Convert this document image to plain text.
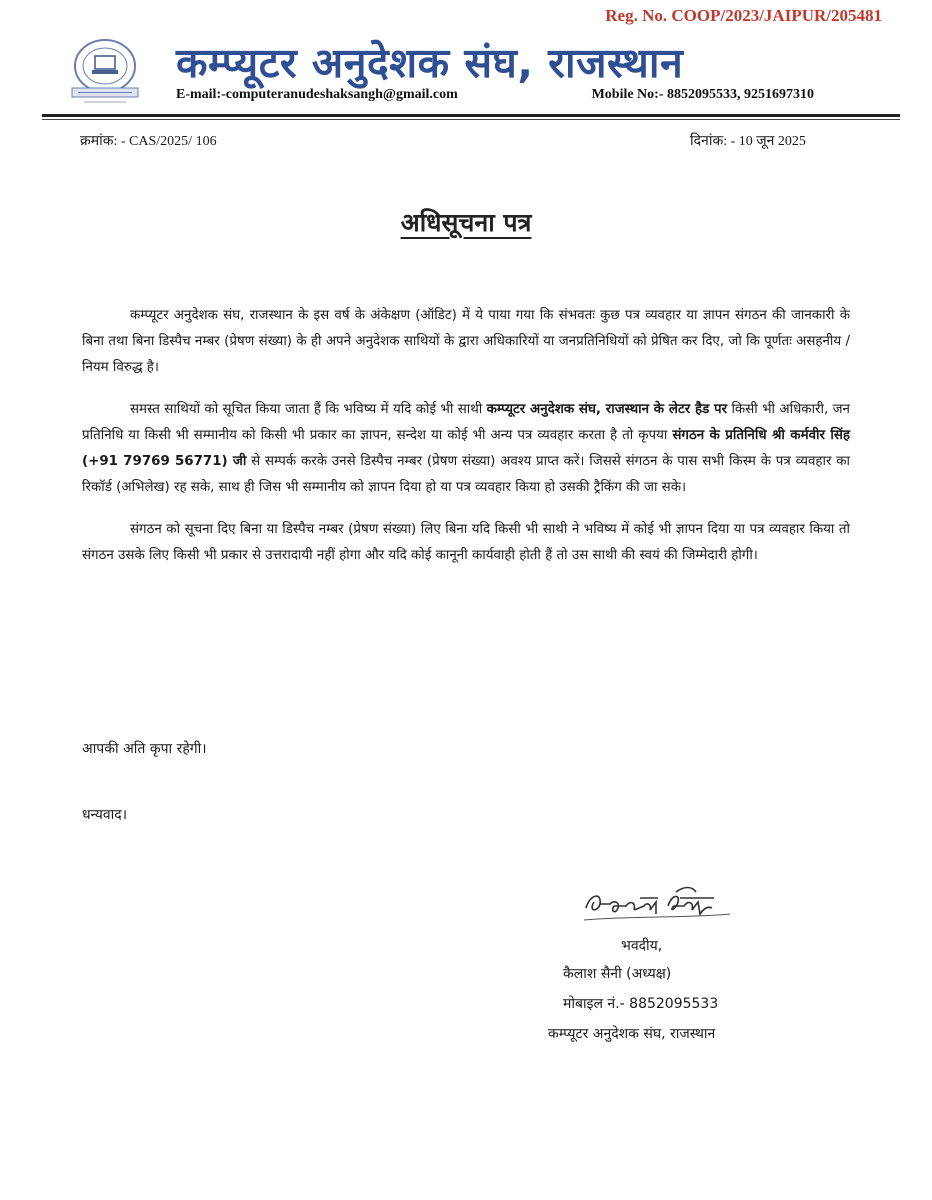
Reg. No. COOP/2023/JAIPUR/205481
कम्प्यूटर अनुदेशक संघ, राजस्थान
E-mail:-computeranudeshaksangh@gmail.com	Mobile No:- 8852095533, 9251697310
क्रमांक: - CAS/2025/ 106	दिनांक: - 10 जून 2025
अधिसूचना पत्र

कम्प्यूटर अनुदेशक संघ, राजस्थान के इस वर्ष के अंकेक्षण (ऑडिट) में ये पाया गया कि संभवतः कुछ पत्र व्यवहार या ज्ञापन संगठन की जानकारी के बिना तथा बिना डिस्पैच नम्बर (प्रेषण संख्या) के ही अपने अनुदेशक साथियों के द्वारा अधिकारियों या जनप्रतिनिधियों को प्रेषित कर दिए, जो कि पूर्णतः असहनीय / नियम विरुद्ध है।

समस्त साथियों को सूचित किया जाता हैं कि भविष्य में यदि कोई भी साथी कम्प्यूटर अनुदेशक संघ, राजस्थान के लेटर हैड पर किसी भी अधिकारी, जन प्रतिनिधि या किसी भी सम्मानीय को किसी भी प्रकार का ज्ञापन, सन्देश या कोई भी अन्य पत्र व्यवहार करता है तो कृपया संगठन के प्रतिनिधि श्री कर्मवीर सिंह (+91 79769 56771) जी से सम्पर्क करके उनसे डिस्पैच नम्बर (प्रेषण संख्या) अवश्य प्राप्त करें। जिससे संगठन के पास सभी किस्म के पत्र व्यवहार का रिकॉर्ड (अभिलेख) रह सके, साथ ही जिस भी सम्मानीय को ज्ञापन दिया हो या पत्र व्यवहार किया हो उसकी ट्रैकिंग की जा सके।

संगठन को सूचना दिए बिना या डिस्पैच नम्बर (प्रेषण संख्या) लिए बिना यदि किसी भी साथी ने भविष्य में कोई भी ज्ञापन दिया या पत्र व्यवहार किया तो संगठन उसके लिए किसी भी प्रकार से उत्तरादायी नहीं होगा और यदि कोई कानूनी कार्यवाही होती हैं तो उस साथी की स्वयं की जिम्मेदारी होगी।

आपकी अति कृपा रहेगी।
धन्यवाद।
भवदीय,
कैलाश सैनी (अध्यक्ष)
मोबाइल नं.- 8852095533
कम्प्यूटर अनुदेशक संघ, राजस्थान
